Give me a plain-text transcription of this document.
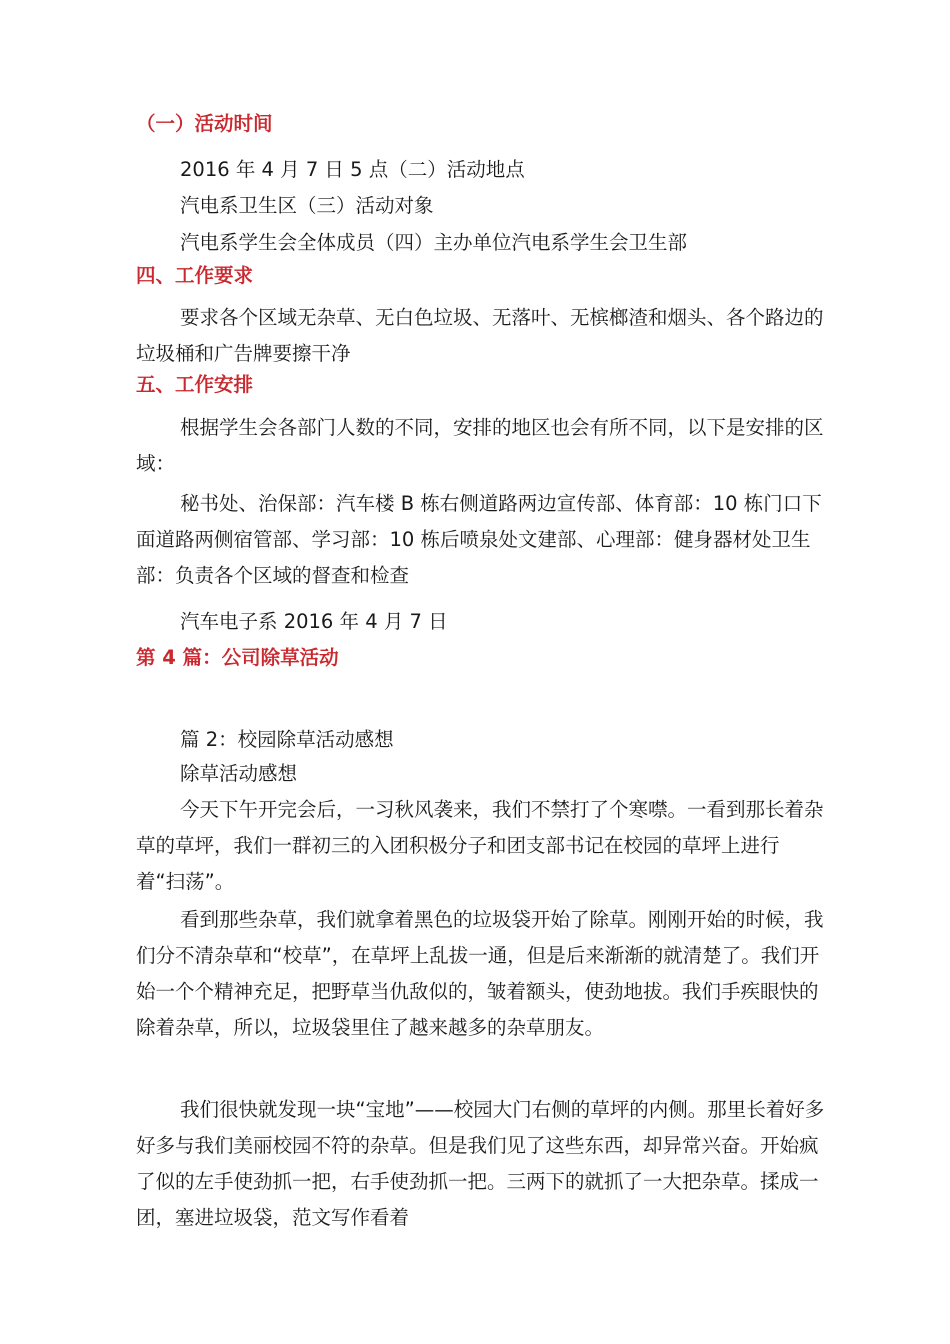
（一）活动时间

2016 年 4 月 7 日 5 点（二）活动地点

汽电系卫生区（三）活动对象

汽电系学生会全体成员（四）主办单位汽电系学生会卫生部

四、工作要求

要求各个区域无杂草、无白色垃圾、无落叶、无槟榔渣和烟头、各个路边的垃圾桶和广告牌要擦干净

五、工作安排

根据学生会各部门人数的不同，安排的地区也会有所不同，以下是安排的区域：

秘书处、治保部：汽车楼 B 栋右侧道路两边宣传部、体育部：10 栋门口下面道路两侧宿管部、学习部：10 栋后喷泉处文建部、心理部：健身器材处卫生部：负责各个区域的督查和检查

汽车电子系 2016 年 4 月 7 日

第 4 篇：公司除草活动

篇 2：校园除草活动感想

除草活动感想

今天下午开完会后，一习秋风袭来，我们不禁打了个寒噤。一看到那长着杂草的草坪，我们一群初三的入团积极分子和团支部书记在校园的草坪上进行着“扫荡”。

看到那些杂草，我们就拿着黑色的垃圾袋开始了除草。刚刚开始的时候，我们分不清杂草和“校草”，在草坪上乱拔一通，但是后来渐渐的就清楚了。我们开始一个个精神充足，把野草当仇敌似的，皱着额头，使劲地拔。我们手疾眼快的除着杂草，所以，垃圾袋里住了越来越多的杂草朋友。

我们很快就发现一块“宝地”——校园大门右侧的草坪的内侧。那里长着好多好多与我们美丽校园不符的杂草。但是我们见了这些东西，却异常兴奋。开始疯了似的左手使劲抓一把，右手使劲抓一把。三两下的就抓了一大把杂草。揉成一团，塞进垃圾袋，范文写作看着
